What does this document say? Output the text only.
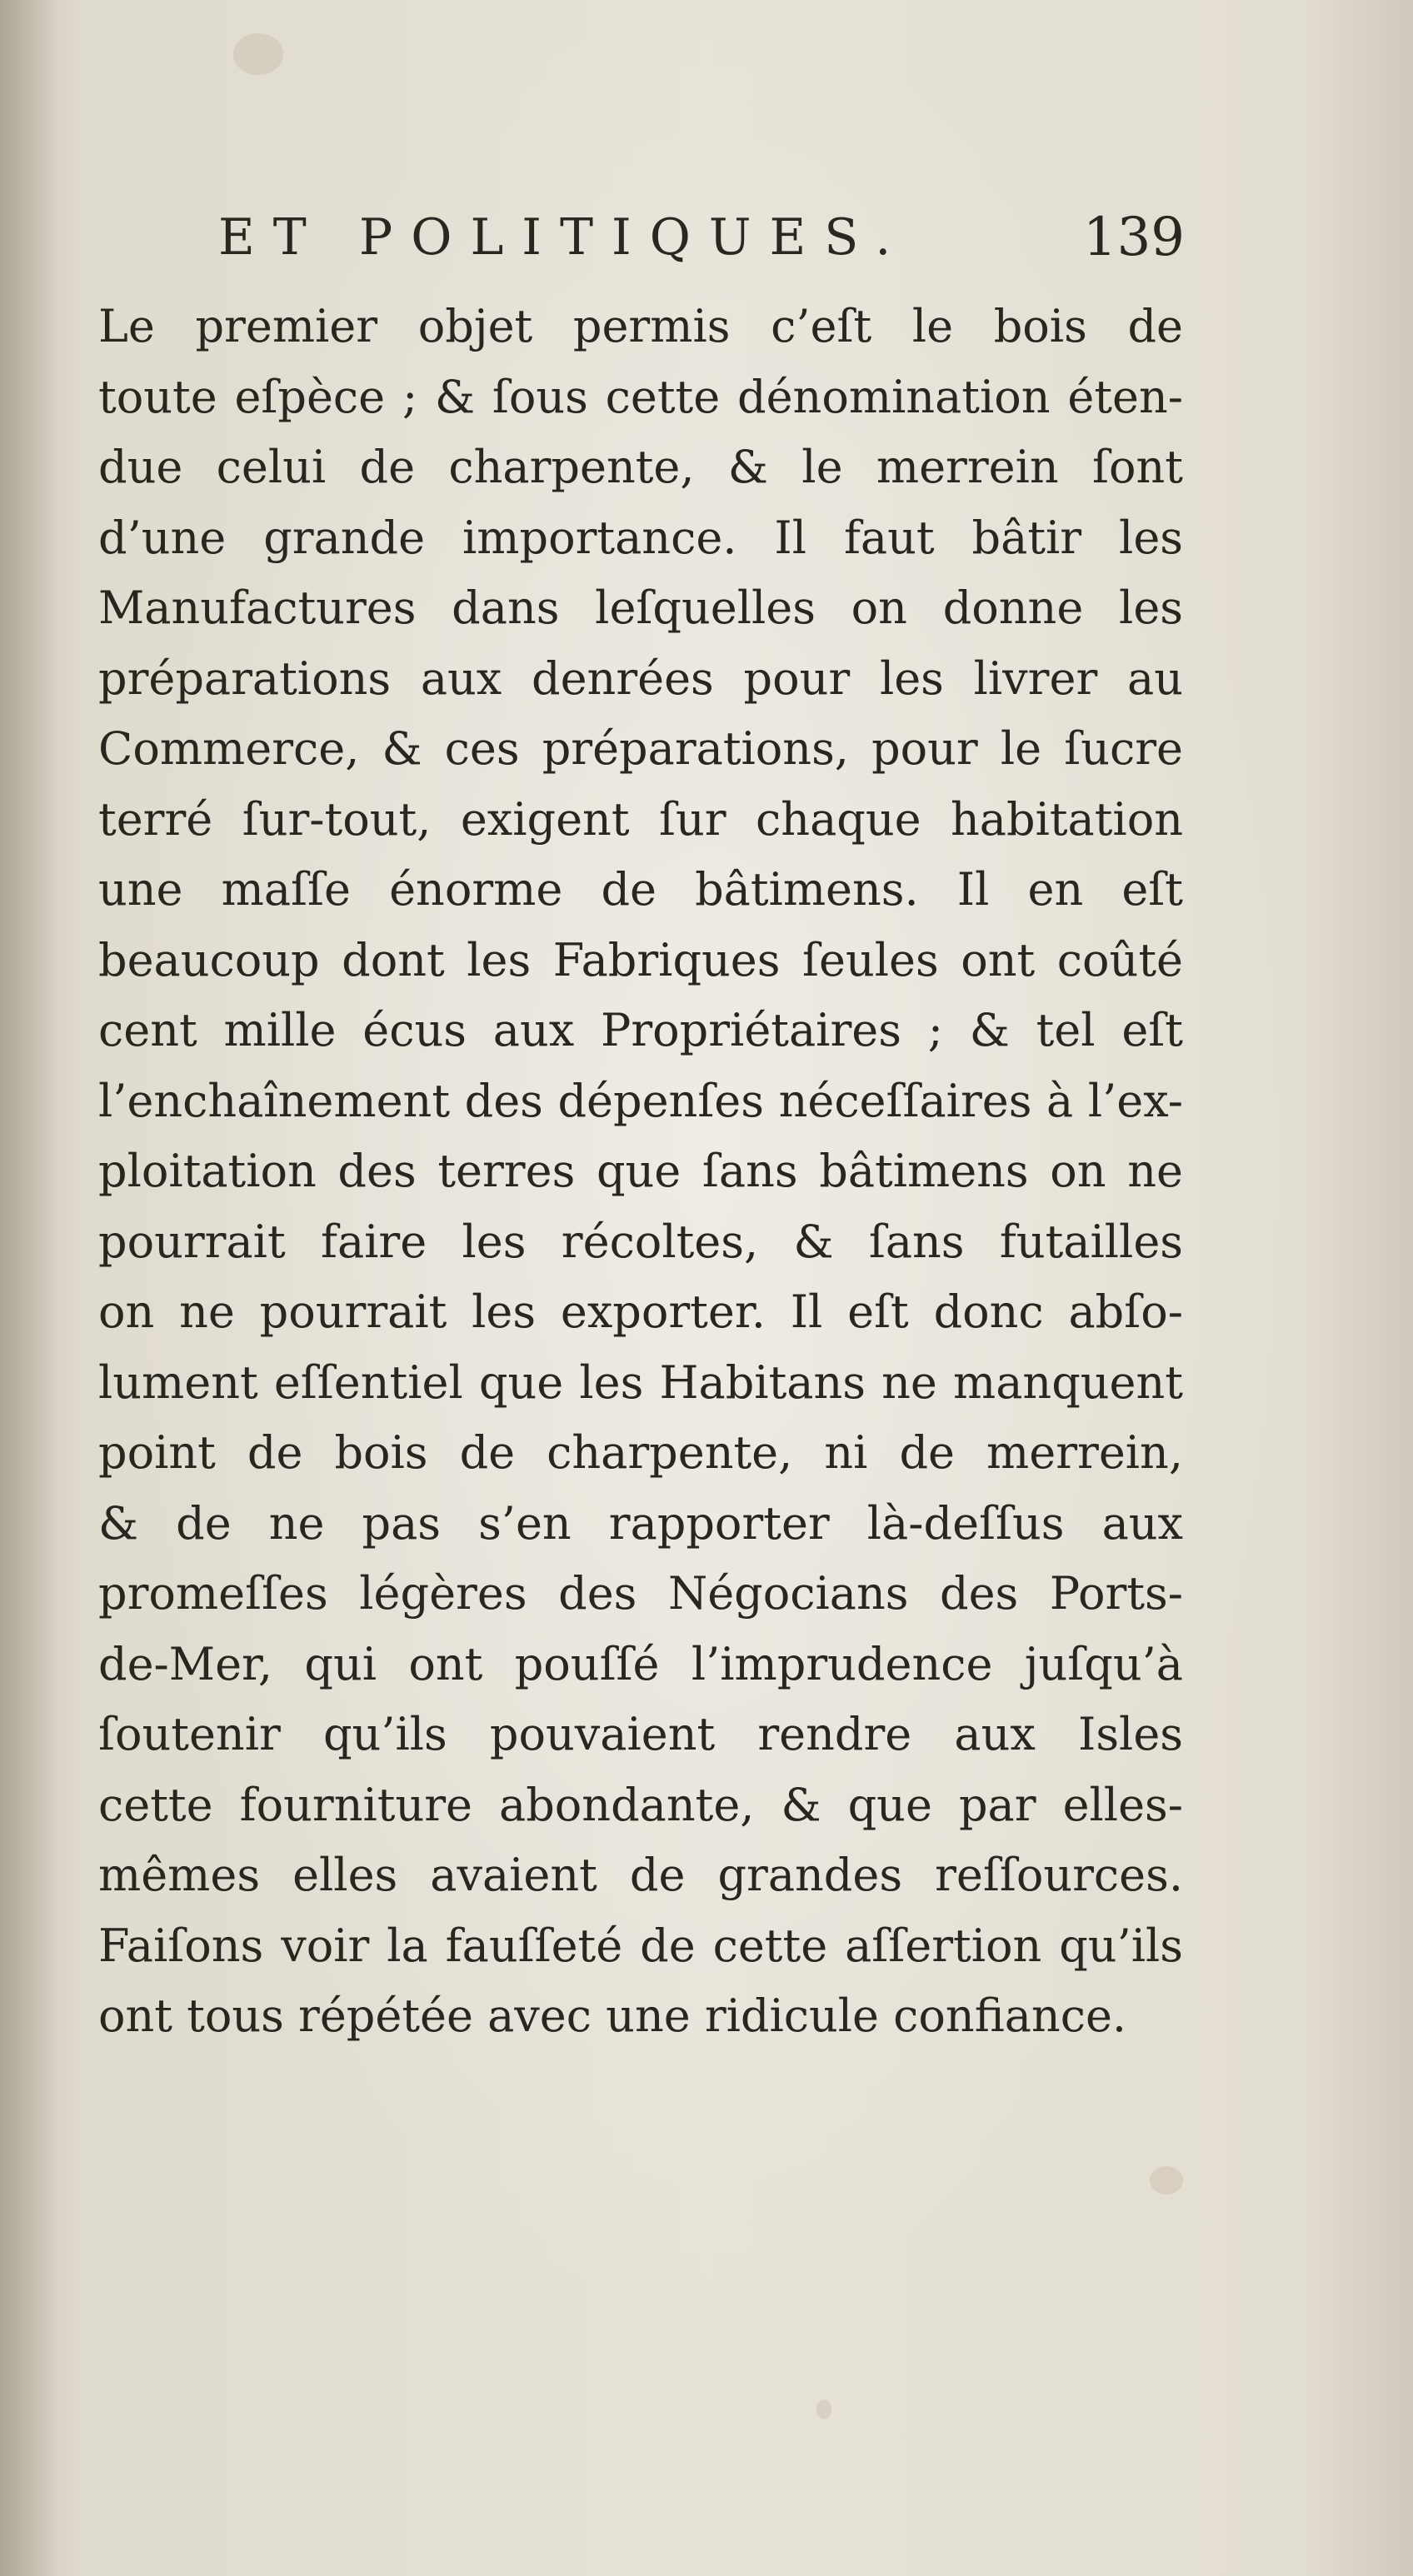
ET POLITIQUES.	139
Le premier objet permis c’eſt le bois de
toute eſpèce ; & ſous cette dénomination éten-
due celui de charpente, & le merrein ſont
d’une grande importance. Il faut bâtir les
Manufactures dans leſquelles on donne les
préparations aux denrées pour les livrer au
Commerce, & ces préparations, pour le ſucre
terré ſur-tout, exigent ſur chaque habitation
une maſſe énorme de bâtimens. Il en eſt
beaucoup dont les Fabriques ſeules ont coûté
cent mille écus aux Propriétaires ; & tel eſt
l’enchaînement des dépenſes néceſſaires à l’ex-
ploitation des terres que ſans bâtimens on ne
pourrait faire les récoltes, & ſans futailles
on ne pourrait les exporter. Il eſt donc abſo-
lument eſſentiel que les Habitans ne manquent
point de bois de charpente, ni de merrein,
& de ne pas s’en rapporter là-deſſus aux
promeſſes légères des Négocians des Ports-
de-Mer, qui ont pouſſé l’imprudence juſqu’à
ſoutenir qu’ils pouvaient rendre aux Isles
cette fourniture abondante, & que par elles-
mêmes elles avaient de grandes reſſources.
Faiſons voir la fauſſeté de cette aſſertion qu’ils
ont tous répétée avec une ridicule confiance.
